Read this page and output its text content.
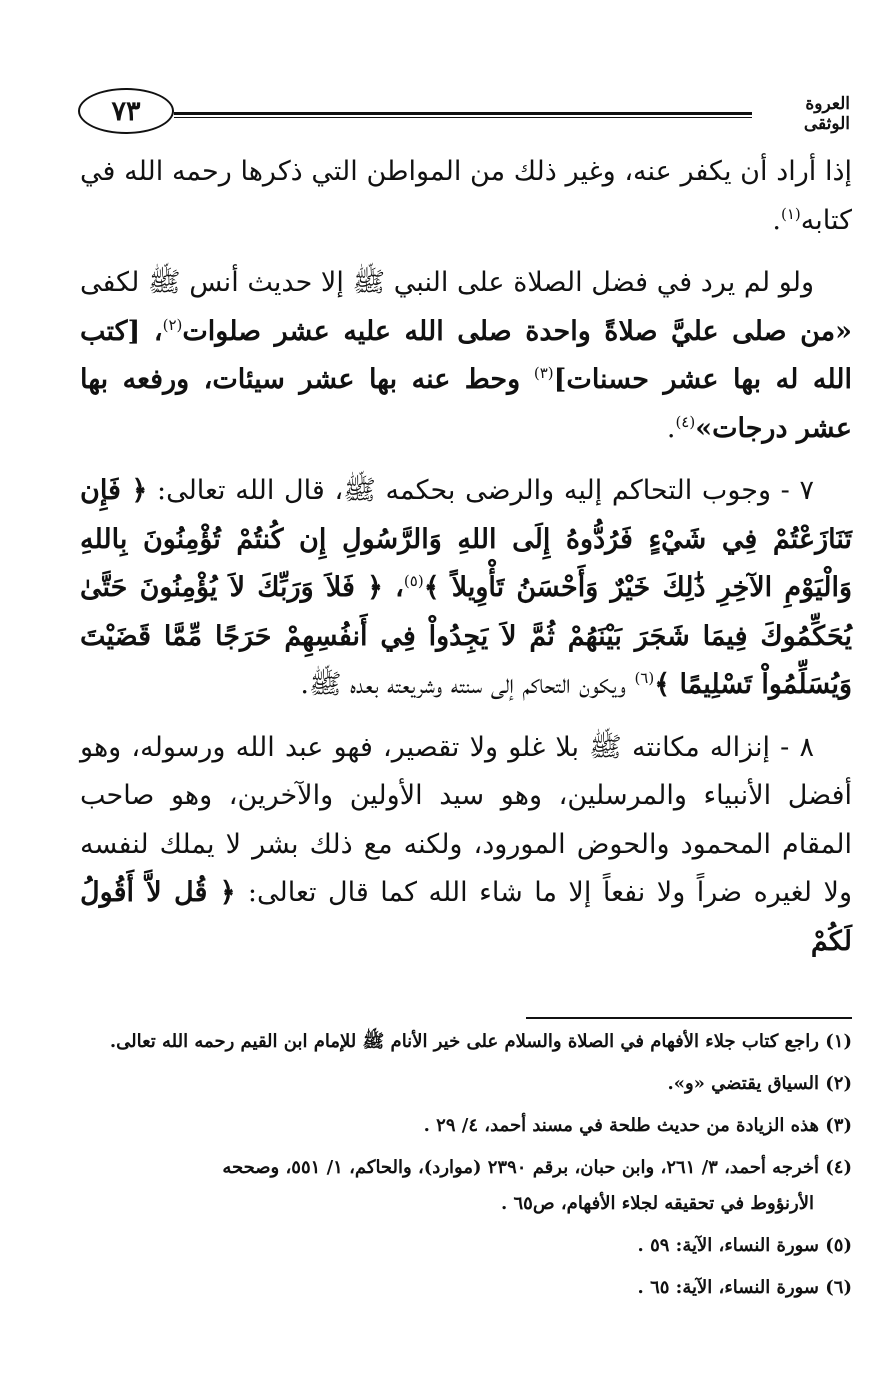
٧٣	العروة الوثقى

إذا أراد أن يكفر عنه، وغير ذلك من المواطن التي ذكرها رحمه الله في كتابه$^{(١)}$.

ولو لم يرد في فضل الصلاة على النبي ﷺ إلا حديث أنس ﷺ لكفى «من صلى عليَّ صلاةً واحدة صلى الله عليه عشر صلوات$^{(٢)}$، [كتب الله له بها عشر حسنات]$^{(٣)}$ وحط عنه بها عشر سيئات، ورفعه بها عشر درجات»$^{(٤)}$.

٧ - وجوب التحاكم إليه والرضى بحكمه ﷺ، قال الله تعالى: ﴿ فَإِن تَنَازَعْتُمْ فِي شَيْءٍ فَرُدُّوهُ إِلَى اللهِ وَالرَّسُولِ إِن كُنتُمْ تُؤْمِنُونَ بِاللهِ وَالْيَوْمِ الآخِرِ ذَٰلِكَ خَيْرٌ وَأَحْسَنُ تَأْوِيلاً ﴾$^{(٥)}$، ﴿ فَلاَ وَرَبِّكَ لاَ يُؤْمِنُونَ حَتَّىٰ يُحَكِّمُوكَ فِيمَا شَجَرَ بَيْنَهُمْ ثُمَّ لاَ يَجِدُواْ فِي أَنفُسِهِمْ حَرَجًا مِّمَّا قَضَيْتَ وَيُسَلِّمُواْ تَسْلِيمًا ﴾$^{(٦)}$ ويكون التحاكم إلى سنته وشريعته بعده ﷺ.

٨ - إنزاله مكانته ﷺ بلا غلو ولا تقصير، فهو عبد الله ورسوله، وهو أفضل الأنبياء والمرسلين، وهو سيد الأولين والآخرين، وهو صاحب المقام المحمود والحوض المورود، ولكنه مع ذلك بشر لا يملك لنفسه ولا لغيره ضراً ولا نفعاً إلا ما شاء الله كما قال تعالى: ﴿ قُل لاَّ أَقُولُ لَكُمْ

(١) راجع كتاب جلاء الأفهام في الصلاة والسلام على خير الأنام ﷺ للإمام ابن القيم رحمه الله تعالى.

(٢) السياق يقتضي «و».

(٣) هذه الزيادة من حديث طلحة في مسند أحمد، ٤/ ٢٩ .

(٤) أخرجه أحمد، ٣/ ٢٦١، وابن حبان، برقم ٢٣٩٠ (موارد)، والحاكم، ١/ ٥٥١، وصححه
الأرنؤوط في تحقيقه لجلاء الأفهام، ص٦٥ .

(٥) سورة النساء، الآية: ٥٩ .

(٦) سورة النساء، الآية: ٦٥ .
